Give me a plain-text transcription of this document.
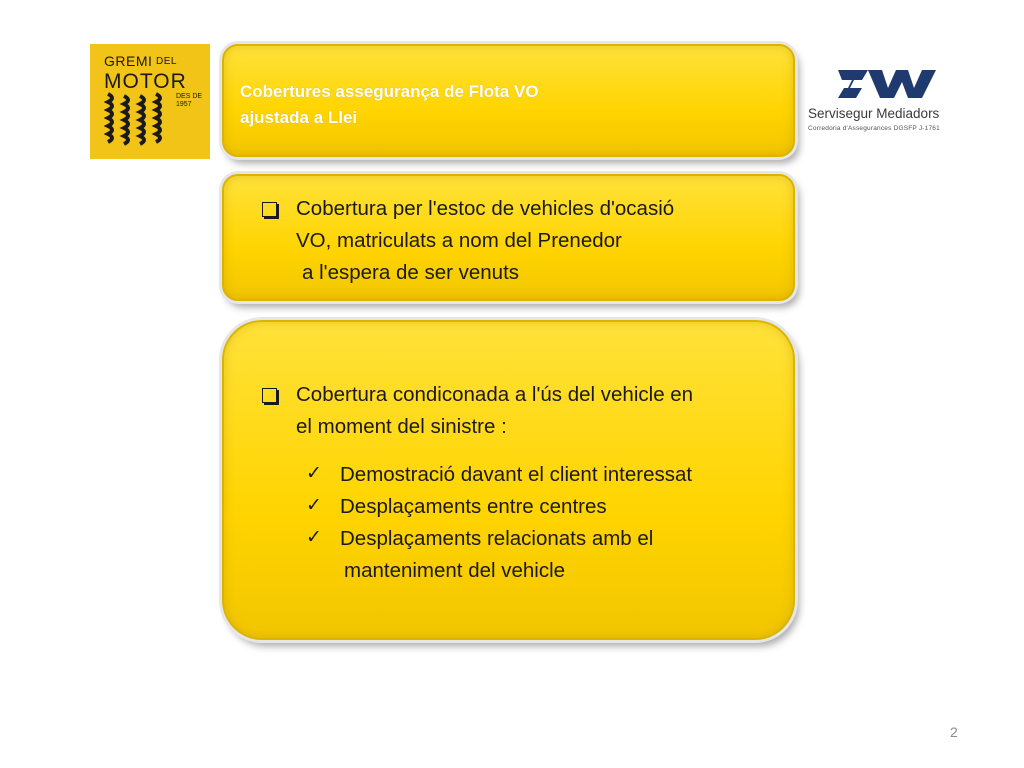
GREMI DEL
MOTOR
DES DE
1957
Servisegur Mediadors
Corredoria d'Assegurances DGSFP J-1761
Cobertures assegurança de Flota VO
ajustada a Llei
Cobertura per l'estoc de vehicles d'ocasió
VO, matriculats a nom del Prenedor
a l'espera de ser venuts
Cobertura condiconada a l'ús del vehicle en
el moment del sinistre :
✓ Demostració davant el client interessat
✓ Desplaçaments entre centres
✓ Desplaçaments relacionats amb el
manteniment del vehicle
2
